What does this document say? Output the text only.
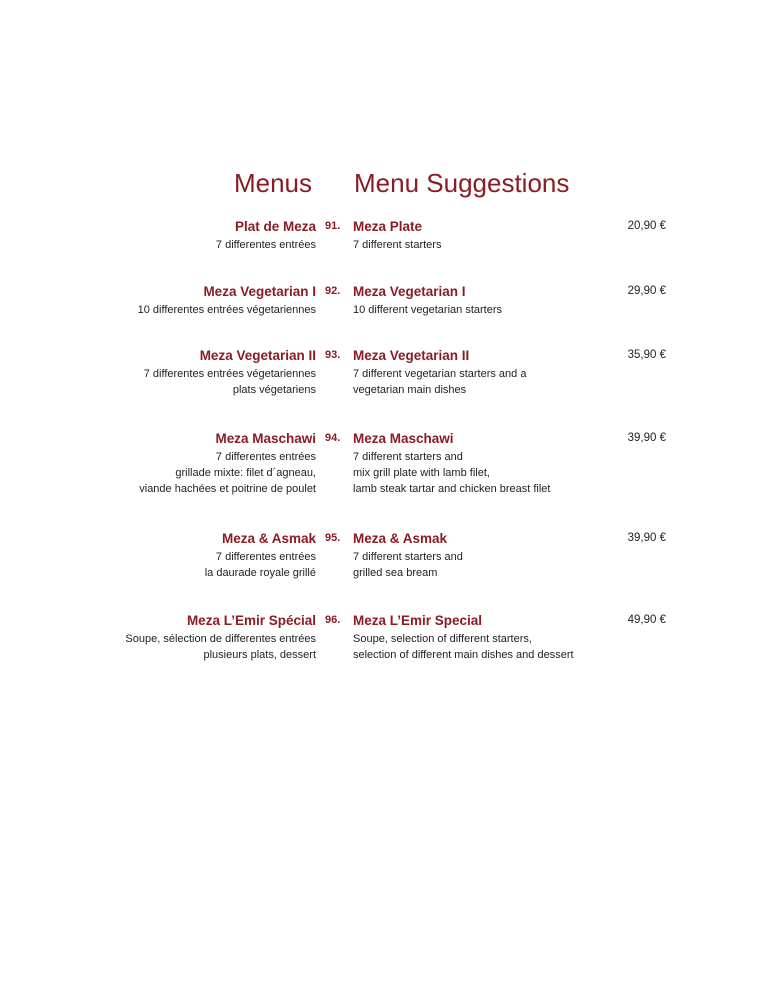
Menus Menu Suggestions
Plat de Meza
7 differentes entrées
91. Meza Plate
7 different starters
20,90 €
Meza Vegetarian I
10 differentes entrées végetariennes
92. Meza Vegetarian I
10 different vegetarian starters
29,90 €
Meza Vegetarian II
7 differentes entrées végetariennes
plats végetariens
93. Meza Vegetarian II
7 different vegetarian starters and a
vegetarian main dishes
35,90 €
Meza Maschawi
7 differentes entrées
grillade mixte: filet d´agneau,
viande hachées et poitrine de poulet
94. Meza Maschawi
7 different starters and
mix grill plate with lamb filet,
lamb steak tartar and chicken breast filet
39,90 €
Meza & Asmak
7 differentes entrées
la daurade royale grillé
95. Meza & Asmak
7 different starters and
grilled sea bream
39,90 €
Meza L’Emir Spécial
Soupe, sélection de differentes entrées
plusieurs plats, dessert
96. Meza L’Emir Special
Soupe, selection of different starters,
selection of different main dishes and dessert
49,90 €
